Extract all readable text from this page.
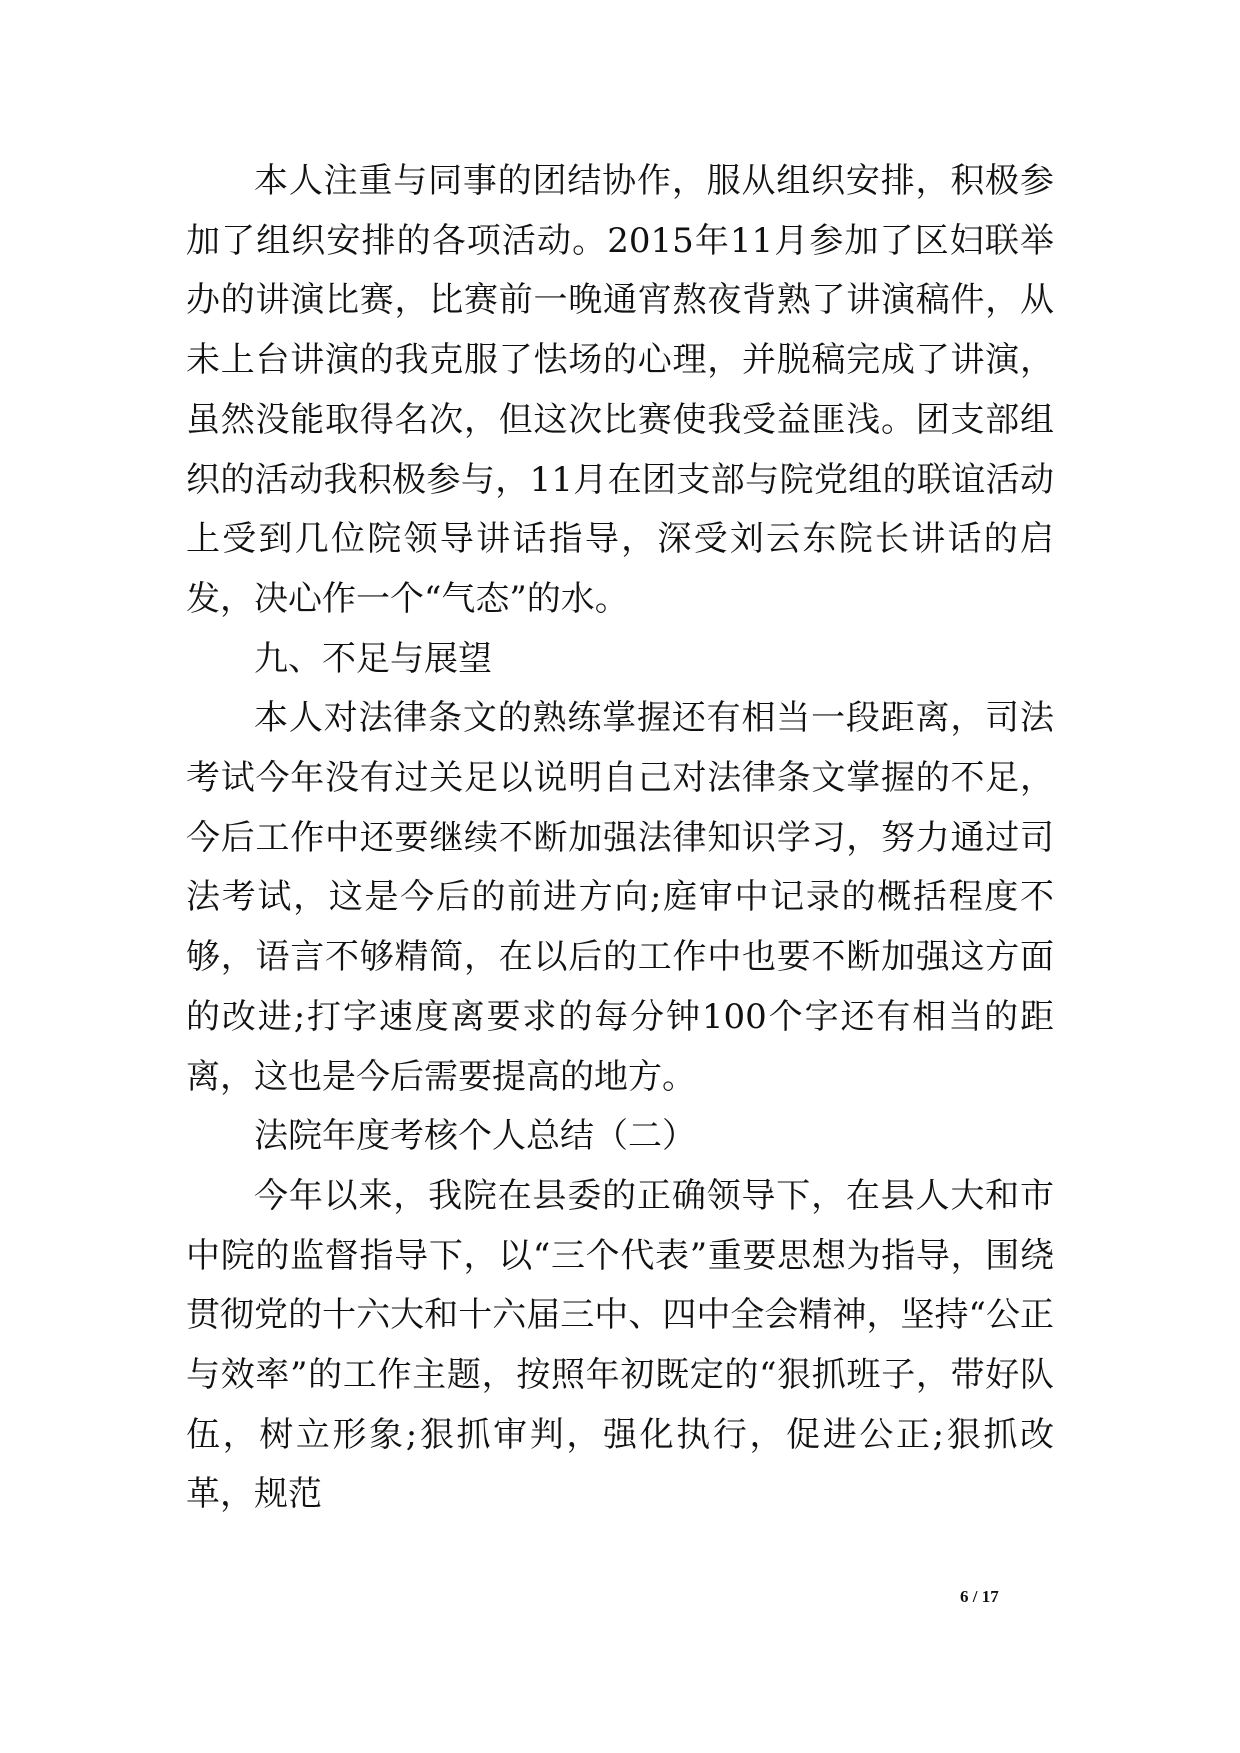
本人注重与同事的团结协作，服从组织安排，积极参加了组织安排的各项活动。2015年11月参加了区妇联举办的讲演比赛，比赛前一晚通宵熬夜背熟了讲演稿件，从未上台讲演的我克服了怯场的心理，并脱稿完成了讲演，虽然没能取得名次，但这次比赛使我受益匪浅。团支部组织的活动我积极参与，11月在团支部与院党组的联谊活动上受到几位院领导讲话指导，深受刘云东院长讲话的启发，决心作一个“气态”的水。

九、不足与展望

本人对法律条文的熟练掌握还有相当一段距离，司法考试今年没有过关足以说明自己对法律条文掌握的不足，今后工作中还要继续不断加强法律知识学习，努力通过司法考试，这是今后的前进方向;庭审中记录的概括程度不够，语言不够精简，在以后的工作中也要不断加强这方面的改进;打字速度离要求的每分钟100个字还有相当的距离，这也是今后需要提高的地方。

法院年度考核个人总结（二）

今年以来，我院在县委的正确领导下，在县人大和市中院的监督指导下，以“三个代表”重要思想为指导，围绕贯彻党的十六大和十六届三中、四中全会精神，坚持“公正与效率”的工作主题，按照年初既定的“狠抓班子，带好队伍，树立形象;狠抓审判，强化执行，促进公正;狠抓改革，规范

6 / 17
